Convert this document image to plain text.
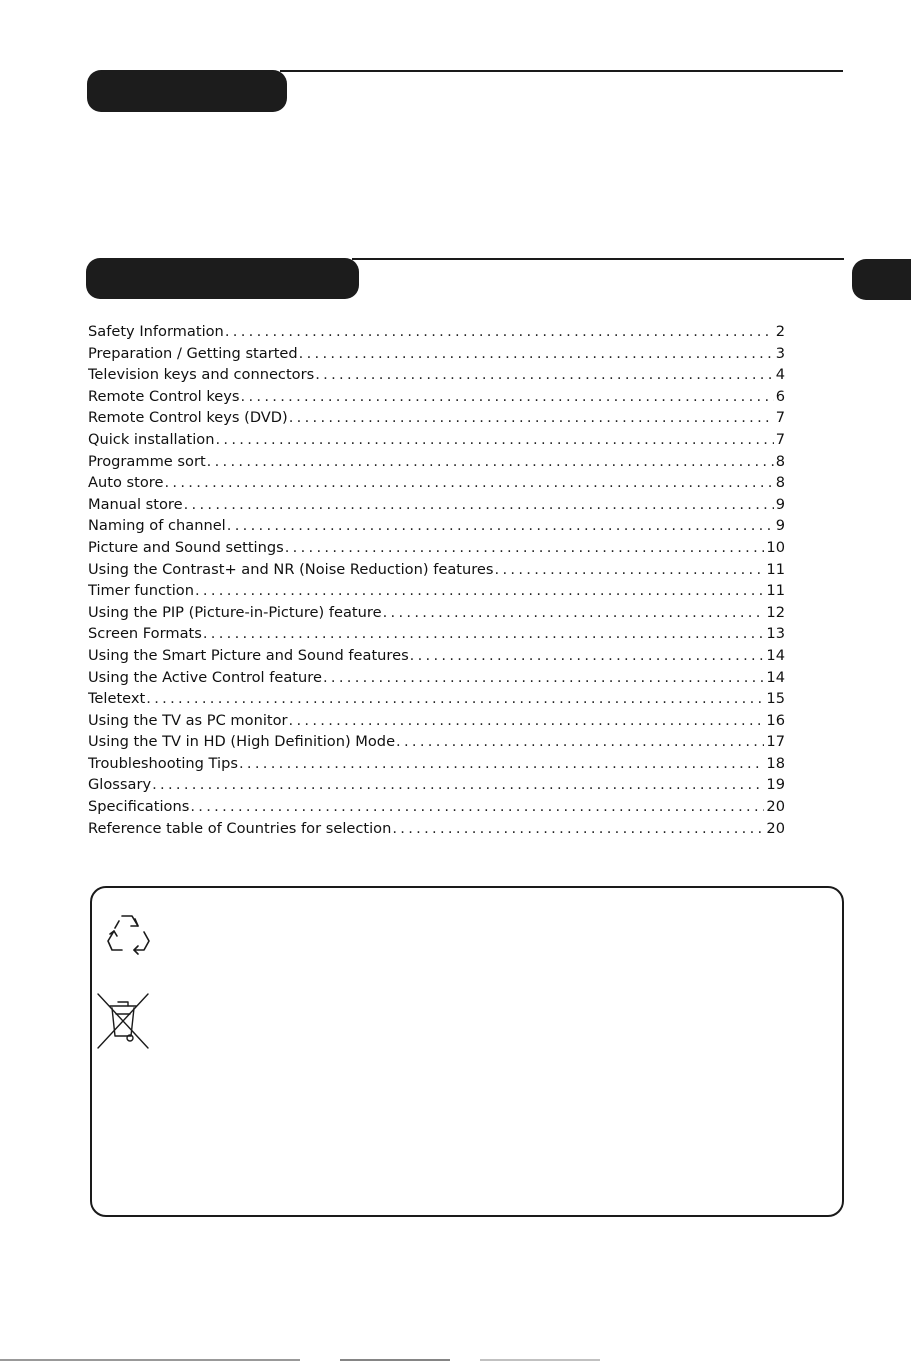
Safety Information .....	2
Preparation / Getting started .....	3
Television keys and connectors .....	4
Remote Control keys .....	6
Remote Control keys (DVD) .....	7
Quick installation .....	7
Programme sort .....	8
Auto store .....	8
Manual store .....	9
Naming of channel .....	9
Picture and Sound settings .....	10
Using the Contrast+ and NR (Noise Reduction) features .....	11
Timer function .....	11
Using the PIP (Picture-in-Picture) feature .....	12
Screen Formats .....	13
Using the Smart Picture and Sound features .....	14
Using the Active Control feature .....	14
Teletext .....	15
Using the TV as PC monitor .....	16
Using the TV in HD (High Definition) Mode .....	17
Troubleshooting Tips .....	18
Glossary .....	19
Specifications .....	20
Reference table of Countries for selection .....	20
